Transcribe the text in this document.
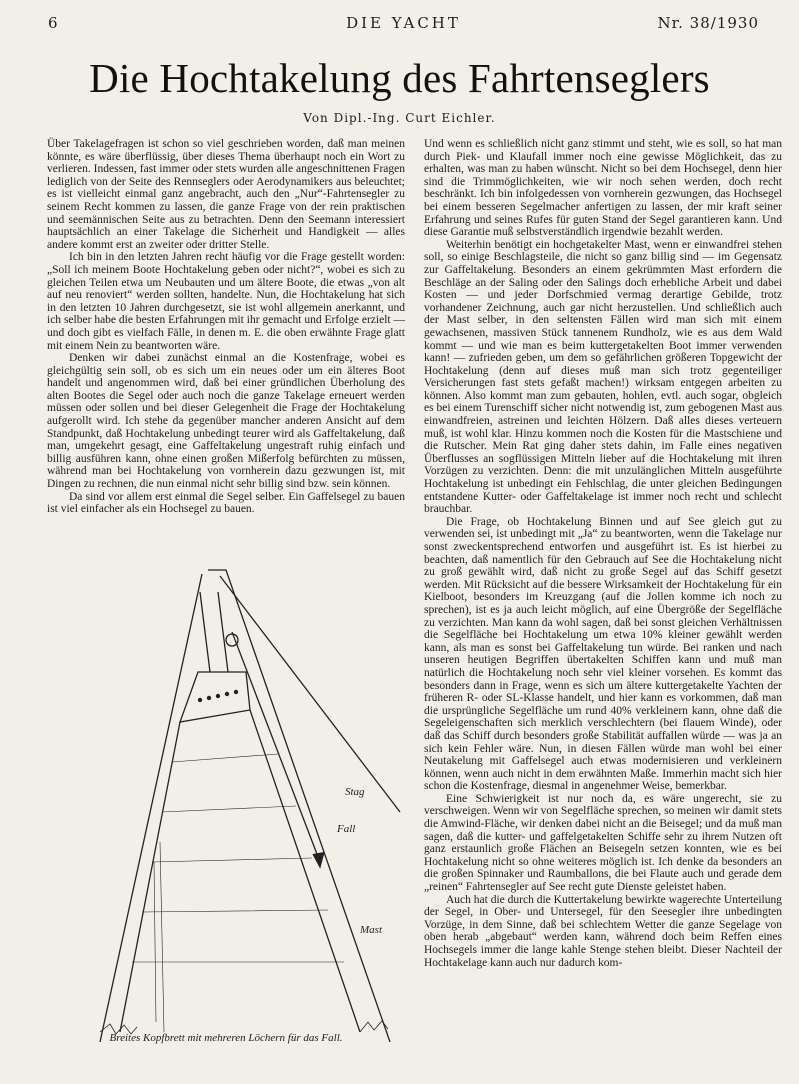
6	DIE YACHT	Nr. 38/1930
Die Hochtakelung des Fahrtenseglers
Von Dipl.-Ing. Curt Eichler.

Über Takelagefragen ist schon so viel geschrieben worden, daß man meinen könnte, es wäre überflüssig, über dieses Thema überhaupt noch ein Wort zu verlieren. Indessen, fast immer oder stets wurden alle angeschnittenen Fragen lediglich von der Seite des Rennseglers oder Aerodynamikers aus beleuchtet; es ist vielleicht einmal ganz angebracht, auch den „Nur“-Fahrtensegler zu seinem Recht kommen zu lassen, die ganze Frage von der rein praktischen und seemännischen Seite aus zu betrachten. Denn den Seemann interessiert hauptsächlich an einer Takelage die Sicherheit und Handigkeit — alles andere kommt erst an zweiter oder dritter Stelle.

Ich bin in den letzten Jahren recht häufig vor die Frage gestellt worden: „Soll ich meinem Boote Hochtakelung geben oder nicht?“, wobei es sich zu gleichen Teilen etwa um Neubauten und um ältere Boote, die etwas „von alt auf neu renoviert“ werden sollten, handelte. Nun, die Hochtakelung hat sich in den letzten 10 Jahren durchgesetzt, sie ist wohl allgemein anerkannt, und ich selber habe die besten Erfahrungen mit ihr gemacht und Erfolge erzielt — und doch gibt es vielfach Fälle, in denen m. E. die oben erwähnte Frage glatt mit einem Nein zu beantworten wäre.

Denken wir dabei zunächst einmal an die Kostenfrage, wobei es gleichgültig sein soll, ob es sich um ein neues oder um ein älteres Boot handelt und angenommen wird, daß bei einer gründlichen Überholung des alten Bootes die Segel oder auch noch die ganze Takelage erneuert werden müssen oder sollen und bei dieser Gelegenheit die Frage der Hochtakelung aufgerollt wird. Ich stehe da gegenüber mancher anderen Ansicht auf dem Standpunkt, daß Hochtakelung unbedingt teurer wird als Gaffeltakelung, daß man, umgekehrt gesagt, eine Gaffeltakelung ungestraft ruhig einfach und billig ausführen kann, ohne einen großen Mißerfolg befürchten zu müssen, während man bei Hochtakelung von vornherein dazu gezwungen ist, mit Dingen zu rechnen, die nun einmal nicht sehr billig sind bzw. sein können.

Da sind vor allem erst einmal die Segel selber. Ein Gaffelsegel zu bauen ist viel einfacher als ein Hochsegel zu bauen.

Und wenn es schließlich nicht ganz stimmt und steht, wie es soll, so hat man durch Piek- und Klaufall immer noch eine gewisse Möglichkeit, das zu erhalten, was man zu haben wünscht. Nicht so bei dem Hochsegel, denn hier sind die Trimmöglichkeiten, wie wir noch sehen werden, doch recht beschränkt. Ich bin infolgedessen von vornherein gezwungen, das Hochsegel bei einem besseren Segelmacher anfertigen zu lassen, der mir kraft seiner Erfahrung und seines Rufes für guten Stand der Segel garantieren kann. Und diese Garantie muß selbstverständlich irgendwie bezahlt werden.

Weiterhin benötigt ein hochgetakelter Mast, wenn er einwandfrei stehen soll, so einige Beschlagsteile, die nicht so ganz billig sind — im Gegensatz zur Gaffeltakelung. Besonders an einem gekrümmten Mast erfordern die Beschläge an der Saling oder den Salings doch erhebliche Arbeit und dabei Kosten — und jeder Dorfschmied vermag derartige Gebilde, trotz vorhandener Zeichnung, auch gar nicht herzustellen. Und schließlich auch der Mast selber, in den seltensten Fällen wird man sich mit einem gewachsenen, massiven Stück tannenem Rundholz, wie es aus dem Wald kommt — und wie man es beim kuttergetakelten Boot immer verwenden kann! — zufrieden geben, um dem so gefährlichen größeren Topgewicht der Hochtakelung (denn auf dieses muß man sich trotz gegenteiliger Versicherungen fast stets gefaßt machen!) wirksam entgegen arbeiten zu können. Also kommt man zum gebauten, hohlen, evtl. auch sogar, obgleich es bei einem Turenschiff sicher nicht notwendig ist, zum gebogenen Mast aus einwandfreien, astreinen und leichten Hölzern. Daß alles dieses verteuern muß, ist wohl klar. Hinzu kommen noch die Kosten für die Mastschiene und die Rutscher. Mein Rat ging daher stets dahin, im Falle eines negativen Überflusses an sogflüssigen Mitteln lieber auf die Hochtakelung mit ihren Vorzügen zu verzichten. Denn: die mit unzulänglichen Mitteln ausgeführte Hochtakelung ist unbedingt ein Fehlschlag, die unter gleichen Bedingungen entstandene Kutter- oder Gaffeltakelage ist immer noch recht und schlecht brauchbar.

Die Frage, ob Hochtakelung Binnen und auf See gleich gut zu verwenden sei, ist unbedingt mit „Ja“ zu beantworten, wenn die Takelage nur sonst zweckentsprechend entworfen und ausgeführt ist. Es ist hierbei zu beachten, daß namentlich für den Gebrauch auf See die Hochtakelung nicht zu groß gewählt wird, daß nicht zu große Segel auf das Schiff gesetzt werden. Mit Rücksicht auf die bessere Wirksamkeit der Hochtakelung für ein Kielboot, besonders im Kreuzgang (auf die Jollen komme ich noch zu sprechen), ist es ja auch leicht möglich, auf eine Übergröße der Segelfläche zu verzichten. Man kann da wohl sagen, daß bei sonst gleichen Verhältnissen die Segelfläche bei Hochtakelung um etwa 10% kleiner gewählt werden kann, als man es sonst bei Gaffeltakelung tun würde. Bei ranken und nach unseren heutigen Begriffen übertakelten Schiffen kann und muß man natürlich die Hochtakelung noch sehr viel kleiner vorsehen. Es kommt das besonders dann in Frage, wenn es sich um ältere kuttergetakelte Yachten der früheren R- oder SL-Klasse handelt, und hier kann es vorkommen, daß man die ursprüngliche Segelfläche um rund 40% verkleinern kann, ohne daß die Segeleigenschaften sich merklich verschlechtern (bei flauem Winde), oder daß das Schiff durch besonders große Stabilität auffallen würde — was ja an sich kein Fehler wäre. Nun, in diesen Fällen würde man wohl bei einer Neutakelung mit Gaffelsegel auch etwas modernisieren und verkleinern können, wenn auch nicht in dem erwähnten Maße. Immerhin macht sich hier schon die Kostenfrage, diesmal in angenehmer Weise, bemerkbar.

Eine Schwierigkeit ist nur noch da, es wäre ungerecht, sie zu verschweigen. Wenn wir von Segelfläche sprechen, so meinen wir damit stets die Amwind-Fläche, wir denken dabei nicht an die Beisegel; und da muß man sagen, daß die kutter- und gaffelgetakelten Schiffe sehr zu ihrem Nutzen oft ganz erstaunlich große Flächen an Beisegeln setzen konnten, wie es bei Hochtakelung nicht so ohne weiteres möglich ist. Ich denke da besonders an die großen Spinnaker und Raumballons, die bei Flaute auch und gerade dem „reinen“ Fahrtensegler auf See recht gute Dienste geleistet haben.

Auch hat die durch die Kuttertakelung bewirkte wagerechte Unterteilung der Segel, in Ober- und Untersegel, für den Seesegler ihre unbedingten Vorzüge, in dem Sinne, daß bei schlechtem Wetter die ganze Segelage von oben herab „abgebaut“ werden kann, während doch beim Reffen eines Hochsegels immer die lange kahle Stenge stehen bleibt. Dieser Nachteil der Hochtakelage kann auch nur dadurch kom-

Stag
Fall
Mast
Breites Kopfbrett mit mehreren Löchern für das Fall.
